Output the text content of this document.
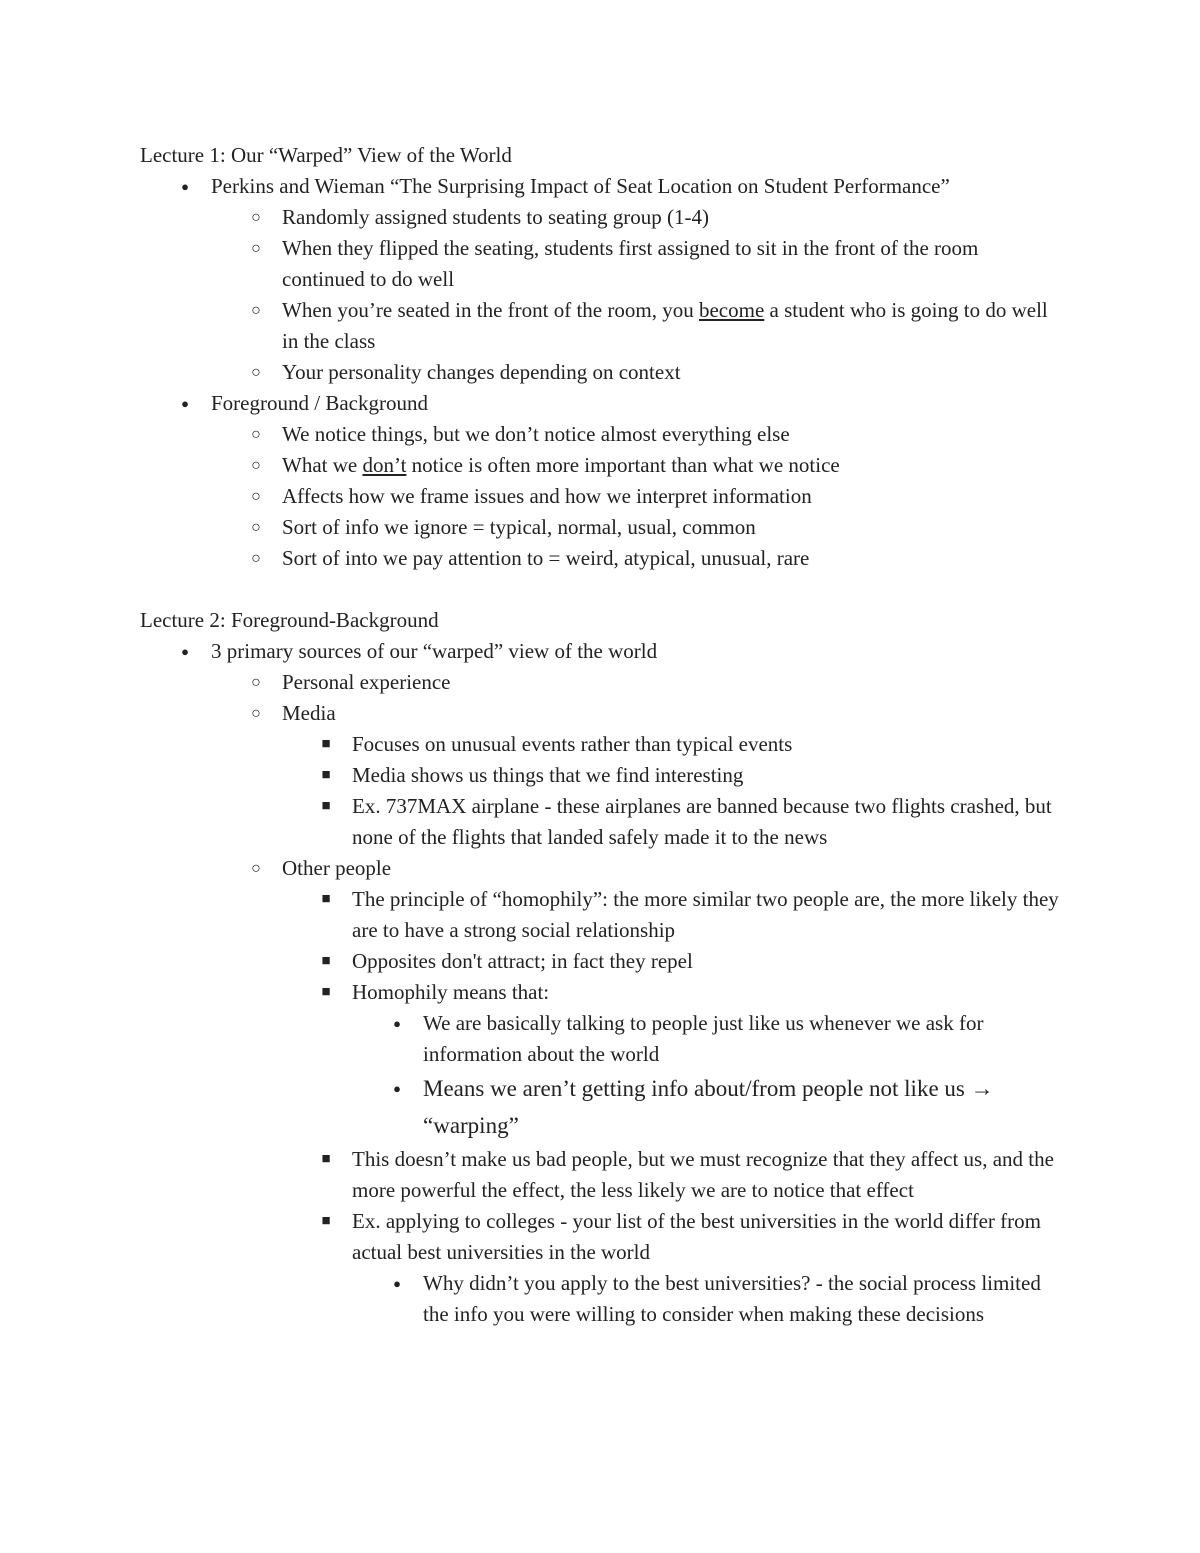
Lecture 1: Our “Warped” View of the World
●	Perkins and Wieman “The Surprising Impact of Seat Location on Student Performance”
○	Randomly assigned students to seating group (1-4)
○	When they flipped the seating, students first assigned to sit in the front of the room continued to do well
○	When you’re seated in the front of the room, you become a student who is going to do well in the class
○	Your personality changes depending on context
●	Foreground / Background
○	We notice things, but we don’t notice almost everything else
○	What we don’t notice is often more important than what we notice
○	Affects how we frame issues and how we interpret information
○	Sort of info we ignore = typical, normal, usual, common
○	Sort of into we pay attention to = weird, atypical, unusual, rare
Lecture 2: Foreground-Background
●	3 primary sources of our “warped” view of the world
○	Personal experience
○	Media
■	Focuses on unusual events rather than typical events
■	Media shows us things that we find interesting
■	Ex. 737MAX airplane - these airplanes are banned because two flights crashed, but none of the flights that landed safely made it to the news
○	Other people
■	The principle of “homophily”: the more similar two people are, the more likely they are to have a strong social relationship
■	Opposites don't attract; in fact they repel
■	Homophily means that:
●	We are basically talking to people just like us whenever we ask for information about the world
● Means we aren’t getting info about/from people not like us → “warping”
■	This doesn’t make us bad people, but we must recognize that they affect us, and the more powerful the effect, the less likely we are to notice that effect
■	Ex. applying to colleges - your list of the best universities in the world differ from actual best universities in the world
●	Why didn’t you apply to the best universities? - the social process limited the info you were willing to consider when making these decisions
